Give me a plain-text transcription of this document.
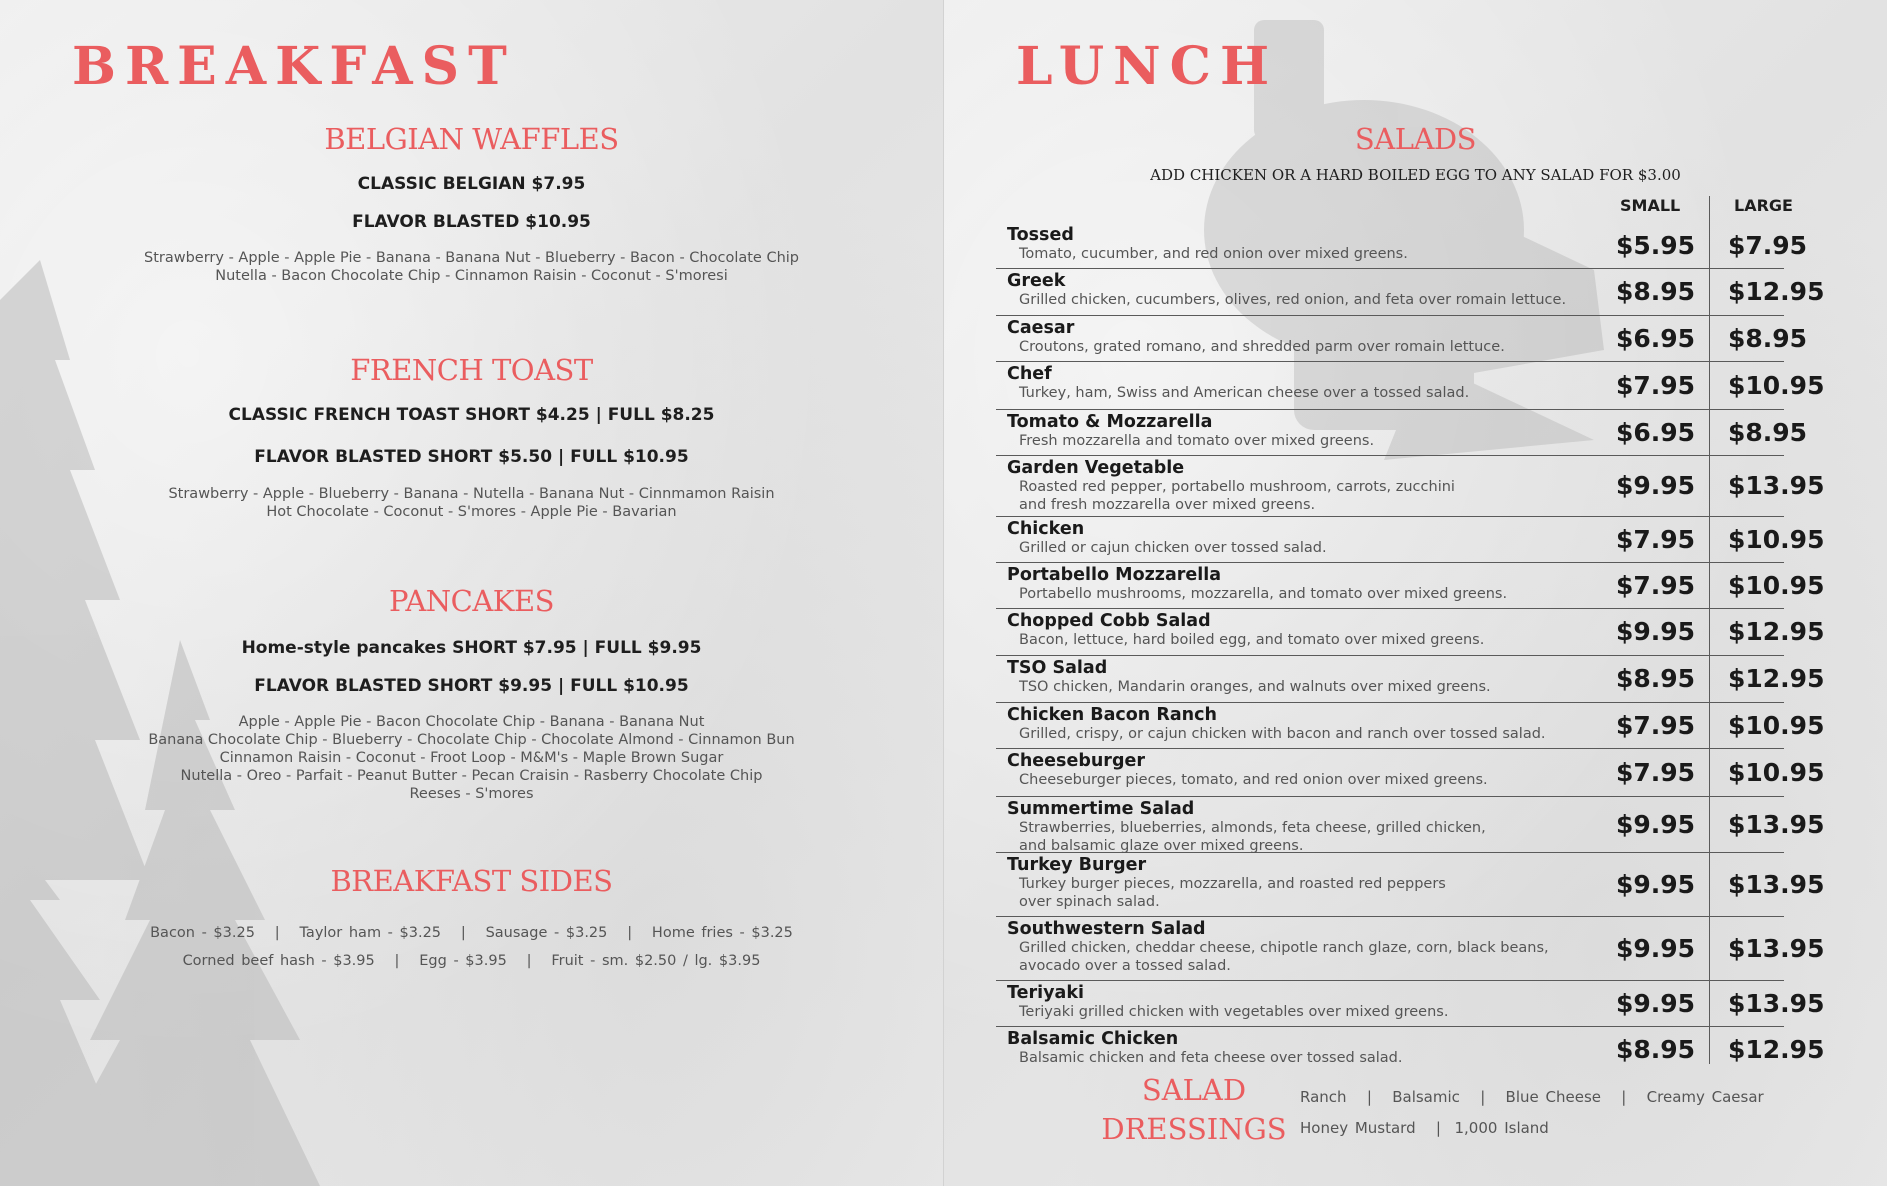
BREAKFAST
BELGIAN WAFFLES
CLASSIC BELGIAN $7.95
FLAVOR BLASTED $10.95
Strawberry - Apple - Apple Pie - Banana - Banana Nut - Blueberry - Bacon - Chocolate Chip
Nutella - Bacon Chocolate Chip - Cinnamon Raisin - Coconut - S'moresi
FRENCH TOAST
CLASSIC FRENCH TOAST SHORT $4.25 | FULL $8.25
FLAVOR BLASTED SHORT $5.50 | FULL $10.95
Strawberry - Apple - Blueberry - Banana - Nutella - Banana Nut - Cinnmamon Raisin
Hot Chocolate - Coconut - S'mores - Apple Pie - Bavarian
PANCAKES
Home-style pancakes SHORT $7.95 | FULL $9.95
FLAVOR BLASTED SHORT $9.95 | FULL $10.95
Apple - Apple Pie - Bacon Chocolate Chip - Banana - Banana Nut
Banana Chocolate Chip - Blueberry - Chocolate Chip - Chocolate Almond - Cinnamon Bun
Cinnamon Raisin - Coconut - Froot Loop - M&M's - Maple Brown Sugar
Nutella - Oreo - Parfait - Peanut Butter - Pecan Craisin - Rasberry Chocolate Chip
Reeses - S'mores
BREAKFAST SIDES
Bacon - $3.25   |   Taylor ham - $3.25   |   Sausage - $3.25   |   Home fries - $3.25
Corned beef hash - $3.95   |   Egg - $3.95   |   Fruit - sm. $2.50 / lg. $3.95
LUNCH
SALADS
ADD CHICKEN OR A HARD BOILED EGG TO ANY SALAD FOR $3.00
SMALL	LARGE
Tossed
Tomato, cucumber, and red onion over mixed greens.	$5.95 $7.95
Greek
Grilled chicken, cucumbers, olives, red onion, and feta over romain lettuce.	$8.95 $12.95
Caesar
Croutons, grated romano, and shredded parm over romain lettuce.	$6.95 $8.95
Chef
Turkey, ham, Swiss and American cheese over a tossed salad.	$7.95 $10.95
Tomato & Mozzarella
Fresh mozzarella and tomato over mixed greens.	$6.95 $8.95
Garden Vegetable
Roasted red pepper, portabello mushroom, carrots, zucchini
and fresh mozzarella over mixed greens.
$9.95 $13.95
Chicken
Grilled or cajun chicken over tossed salad.	$7.95 $10.95
Portabello Mozzarella
Portabello mushrooms, mozzarella, and tomato over mixed greens.	$7.95 $10.95
Chopped Cobb Salad
Bacon, lettuce, hard boiled egg, and tomato over mixed greens.	$9.95 $12.95
TSO Salad
TSO chicken, Mandarin oranges, and walnuts over mixed greens.	$8.95 $12.95
Chicken Bacon Ranch
Grilled, crispy, or cajun chicken with bacon and ranch over tossed salad.	$7.95 $10.95
Cheeseburger
Cheeseburger pieces, tomato, and red onion over mixed greens.	$7.95 $10.95
Summertime Salad
Strawberries, blueberries, almonds, feta cheese, grilled chicken,
and balsamic glaze over mixed greens.
$9.95 $13.95
Turkey Burger
Turkey burger pieces, mozzarella, and roasted red peppers
over spinach salad.
$9.95 $13.95
Southwestern Salad
Grilled chicken, cheddar cheese, chipotle ranch glaze, corn, black beans,
avocado over a tossed salad.
$9.95 $13.95
Teriyaki
Teriyaki grilled chicken with vegetables over mixed greens.	$9.95 $13.95
Balsamic Chicken
Balsamic chicken and feta cheese over tossed salad.	$8.95 $12.95
SALAD
DRESSINGS
Ranch   |   Balsamic   |   Blue Cheese   |   Creamy Caesar
Honey Mustard   |  1,000 Island
